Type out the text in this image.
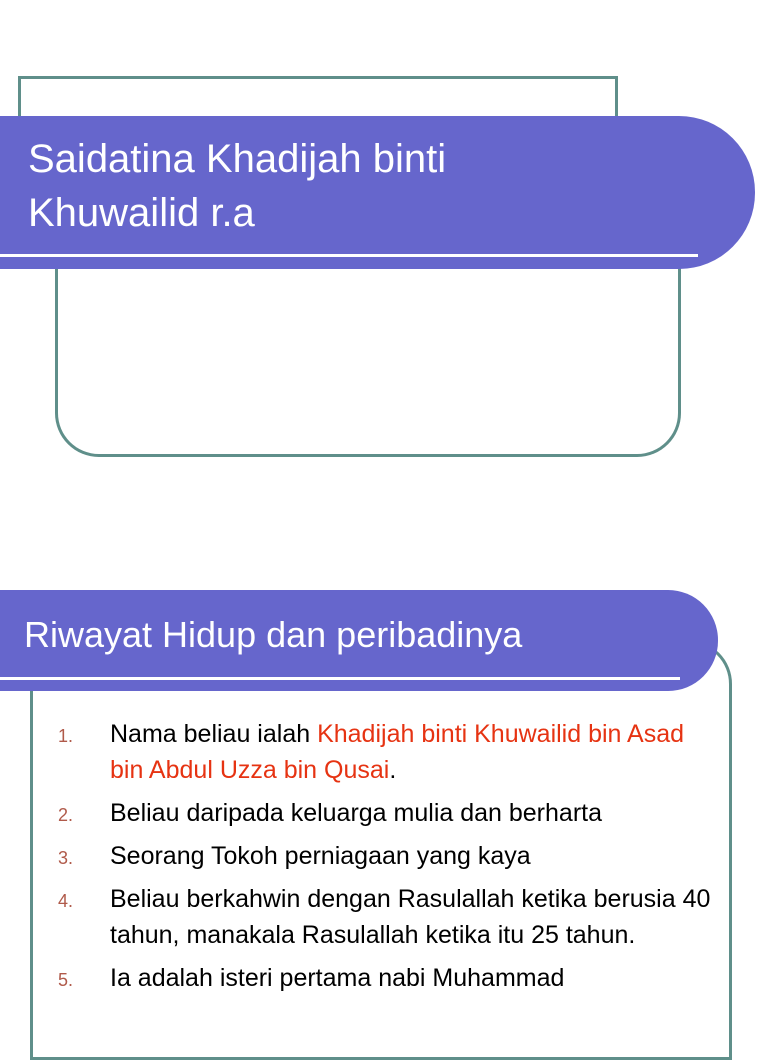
Saidatina Khadijah binti
Khuwailid r.a
Riwayat Hidup dan peribadinya
1. Nama beliau ialah Khadijah binti Khuwailid bin Asad bin Abdul Uzza bin Qusai.
2. Beliau daripada keluarga mulia dan berharta
3. Seorang Tokoh perniagaan yang kaya
4. Beliau berkahwin dengan Rasulallah ketika berusia 40 tahun, manakala Rasulallah ketika itu 25 tahun.
5. Ia adalah isteri pertama nabi Muhammad
